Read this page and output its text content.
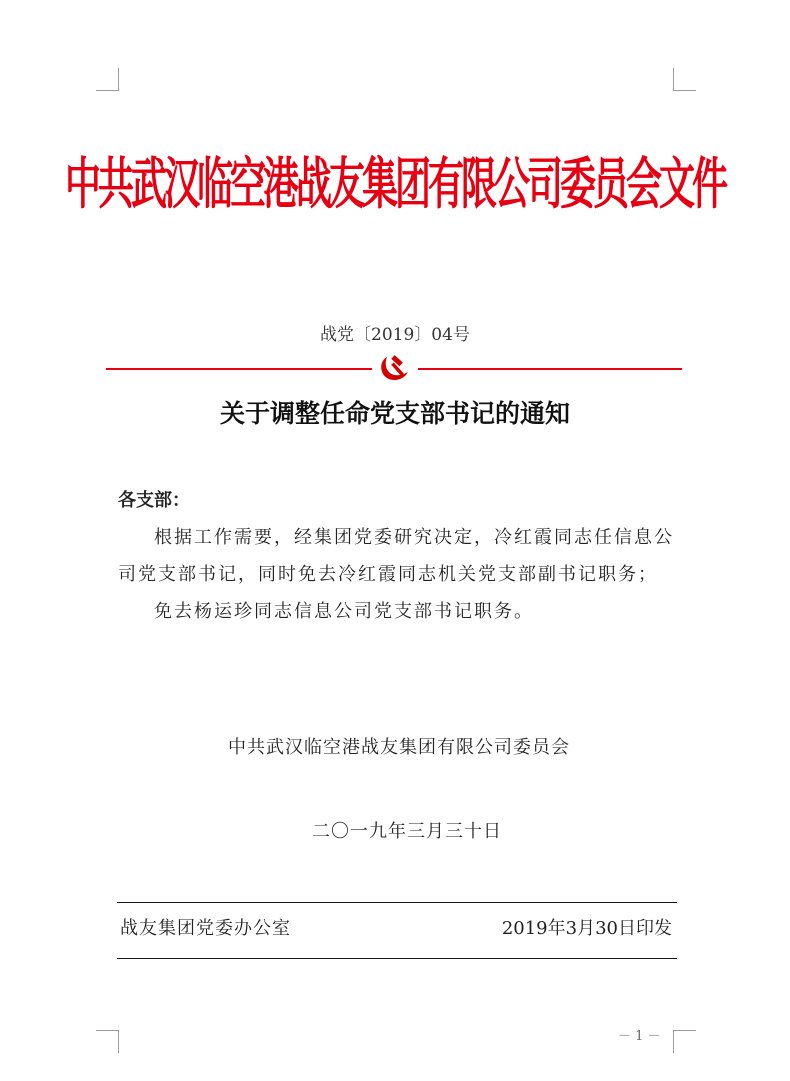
中共武汉临空港战友集团有限公司委员会文件
战党〔2019〕04号
关于调整任命党支部书记的通知

各支部：

根据工作需要，经集团党委研究决定，冷红霞同志任信息公司党支部书记，同时免去冷红霞同志机关党支部副书记职务；

免去杨运珍同志信息公司党支部书记职务。

中共武汉临空港战友集团有限公司委员会
二〇一九年三月三十日
战友集团党委办公室	2019年3月30日印发
－ 1 －
